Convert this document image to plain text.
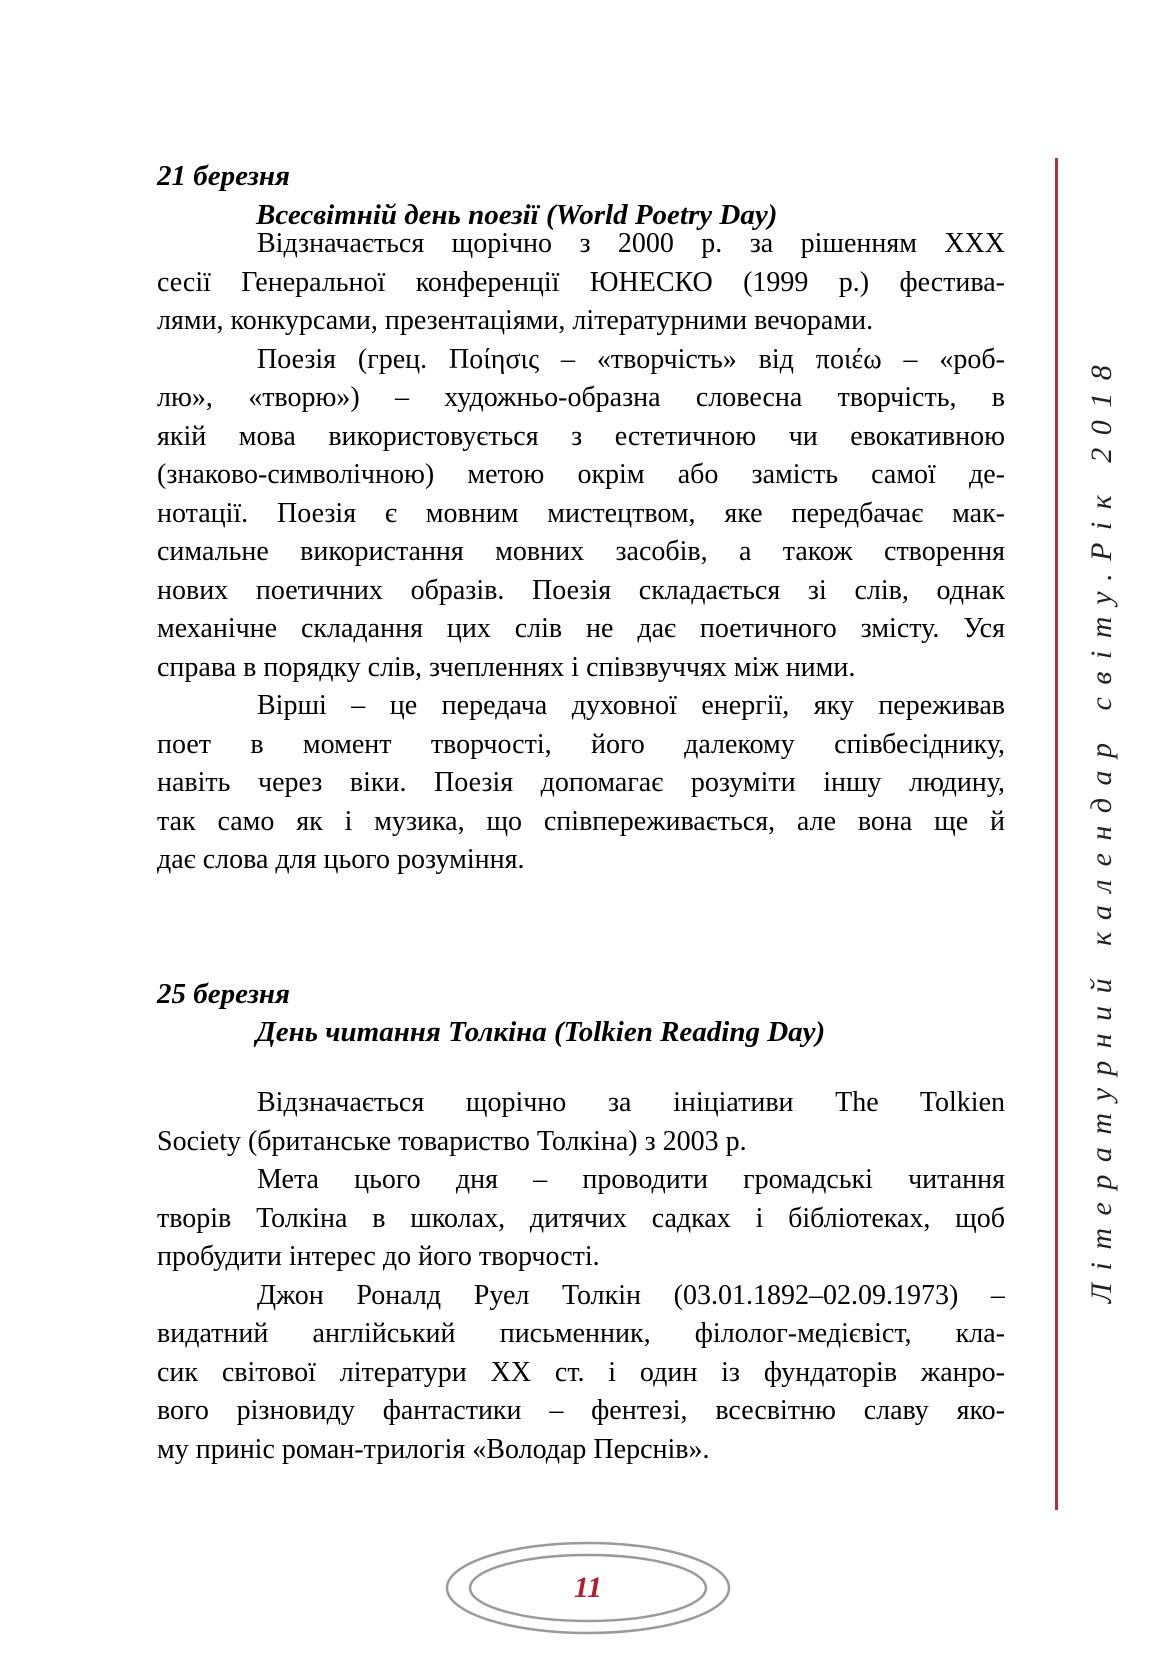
21 березня
Всесвітній день поезії (World Poetry Day)
Відзначається щорічно з 2000 р. за рішенням XXX
сесії Генеральної конференції ЮНЕСКО (1999 р.) фестива-
лями, конкурсами, презентаціями, літературними вечорами.
Поезія (грец. Ποίησις – «творчість» від ποιέω – «роб-
лю», «творю») – художньо-образна словесна творчість, в
якій мова використовується з естетичною чи евокативною
(знаково-символічною) метою окрім або замість самої де-
нотації. Поезія є мовним мистецтвом, яке передбачає мак-
симальне використання мовних засобів, а також створення
нових поетичних образів. Поезія складається зі слів, однак
механічне складання цих слів не дає поетичного змісту. Уся
справа в порядку слів, зчепленнях і співзвуччях між ними.
Вірші – це передача духовної енергії, яку переживав
поет в момент творчості, його далекому співбесіднику,
навіть через віки. Поезія допомагає розуміти іншу людину,
так само як і музика, що співпереживається, але вона ще й
дає слова для цього розуміння.
25 березня
День читання Толкіна (Tolkien Reading Day)
Відзначається щорічно за ініціативи The Tolkien
Society (британське товариство Толкіна) з 2003 р.
Мета цього дня – проводити громадські читання
творів Толкіна в школах, дитячих садках і бібліотеках, щоб
пробудити інтерес до його творчості.
Джон Роналд Руел Толкін (03.01.1892–02.09.1973) –
видатний англійський письменник, філолог-медієвіст, кла-
сик світової літератури XX ст. і один із фундаторів жанро-
вого різновиду фантастики – фентезі, всесвітню славу яко-
му приніс роман-трилогія «Володар Перснів».
Літературний календар світу.Рік 2018
11
